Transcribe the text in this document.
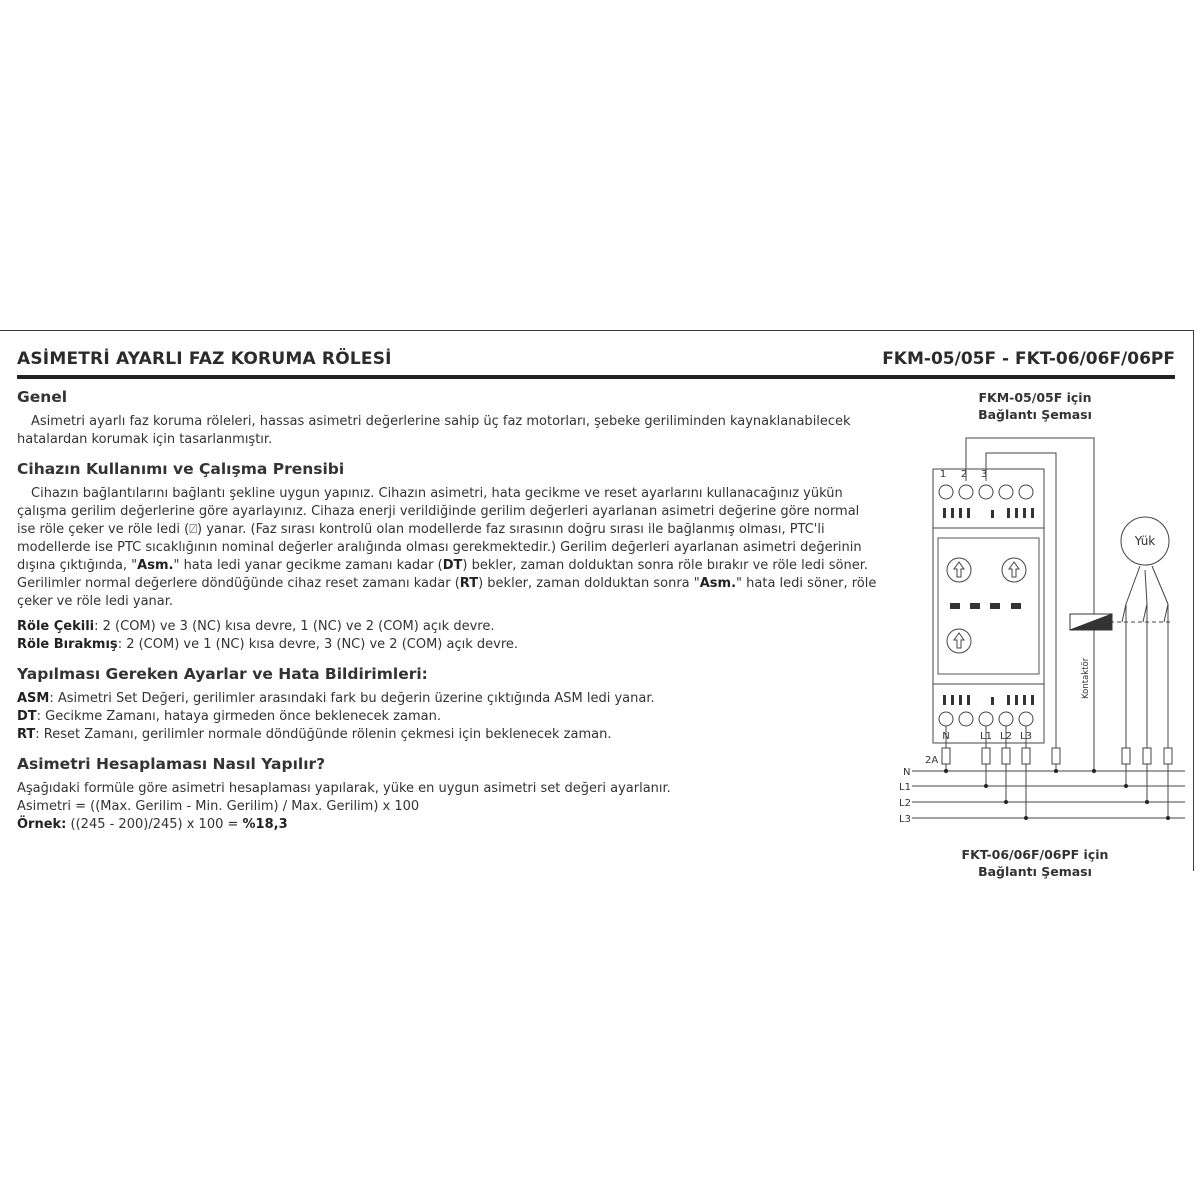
ASİMETRİ AYARLI FAZ KORUMA RÖLESİ	FKM-05/05F - FKT-06/06F/06PF
Genel

Asimetri ayarlı faz koruma röleleri, hassas asimetri değerlerine sahip üç faz motorları, şebeke geriliminden kaynaklanabilecek hatalardan korumak için tasarlanmıştır.

Cihazın Kullanımı ve Çalışma Prensibi

Cihazın bağlantılarını bağlantı şekline uygun yapınız. Cihazın asimetri, hata gecikme ve reset ayarlarını kullanacağınız yükün çalışma gerilim değerlerine göre ayarlayınız. Cihaza enerji verildiğinde gerilim değerleri ayarlanan asimetri değerine göre normal ise röle çeker ve röle ledi (⍁) yanar. (Faz sırası kontrolü olan modellerde faz sırasının doğru sırası ile bağlanmış olması, PTC'li modellerde ise PTC sıcaklığının nominal değerler aralığında olması gerekmektedir.) Gerilim değerleri ayarlanan asimetri değerinin dışına çıktığında, "Asm." hata ledi yanar gecikme zamanı kadar (DT) bekler, zaman dolduktan sonra röle bırakır ve röle ledi söner. Gerilimler normal değerlere döndüğünde cihaz reset zamanı kadar (RT) bekler, zaman dolduktan sonra "Asm." hata ledi söner, röle çeker ve röle ledi yanar.

Röle Çekili: 2 (COM) ve 3 (NC) kısa devre, 1 (NC) ve 2 (COM) açık devre.

Röle Bırakmış: 2 (COM) ve 1 (NC) kısa devre, 3 (NC) ve 2 (COM) açık devre.

Yapılması Gereken Ayarlar ve Hata Bildirimleri:

ASM: Asimetri Set Değeri, gerilimler arasındaki fark bu değerin üzerine çıktığında ASM ledi yanar.

DT: Gecikme Zamanı, hataya girmeden önce beklenecek zaman.

RT: Reset Zamanı, gerilimler normale döndüğünde rölenin çekmesi için beklenecek zaman.

Asimetri Hesaplaması Nasıl Yapılır?

Aşağıdaki formüle göre asimetri hesaplaması yapılarak, yüke en uygun asimetri set değeri ayarlanır.

Asimetri = ((Max. Gerilim - Min. Gerilim) / Max. Gerilim) x 100

Örnek: ((245 - 200)/245) x 100 = %18,3

FKM-05/05F için
Bağlantı Şeması
1 2 3
N	L1 L2 L3
2A
N
L1
L2
L3
Yük
Kontaktör
FKT-06/06F/06PF için
Bağlantı Şeması
